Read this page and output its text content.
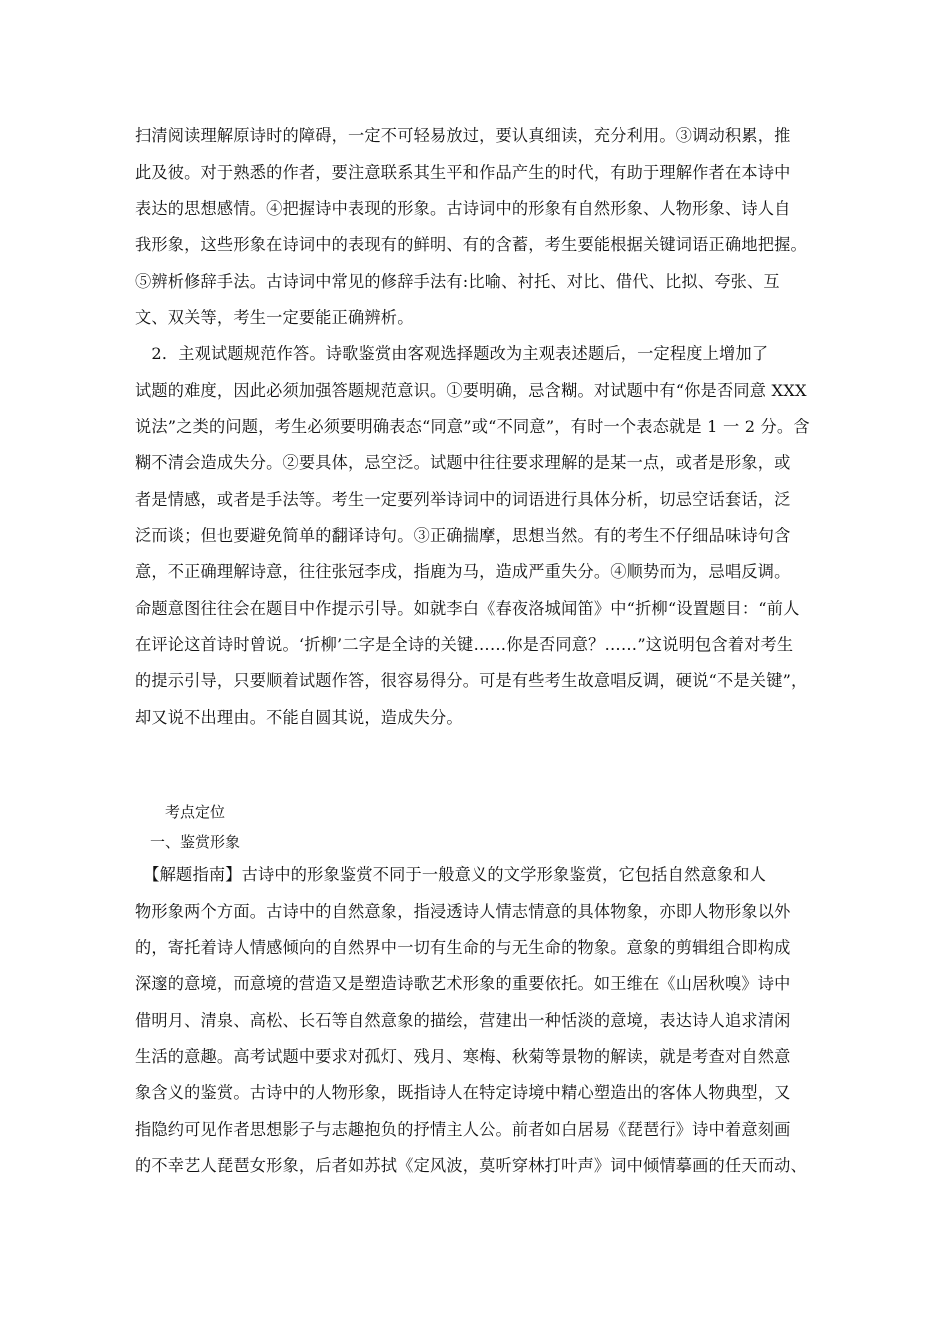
扫清阅读理解原诗时的障碍，一定不可轻易放过，要认真细读，充分利用。③调动积累，推
此及彼。对于熟悉的作者，要注意联系其生平和作品产生的时代，有助于理解作者在本诗中
表达的思想感情。④把握诗中表现的形象。古诗词中的形象有自然形象、人物形象、诗人自
我形象，这些形象在诗词中的表现有的鲜明、有的含蓄，考生要能根据关键词语正确地把握。
⑤辨析修辞手法。古诗词中常见的修辞手法有:比喻、衬托、对比、借代、比拟、夸张、互
文、双关等，考生一定要能正确辨析。
　2．主观试题规范作答。诗歌鉴赏由客观选择题改为主观表述题后，一定程度上增加了
试题的难度，因此必须加强答题规范意识。①要明确，忌含糊。对试题中有“你是否同意 XXX
说法”之类的问题，考生必须要明确表态“同意”或“不同意”，有时一个表态就是 1 一 2 分。含
糊不清会造成失分。②要具体，忌空泛。试题中往往要求理解的是某一点，或者是形象，或
者是情感，或者是手法等。考生一定要列举诗词中的词语进行具体分析，切忌空话套话，泛
泛而谈；但也要避免简单的翻译诗句。③正确揣摩，思想当然。有的考生不仔细品味诗句含
意，不正确理解诗意，往往张冠李戌，指鹿为马，造成严重失分。④顺势而为，忌唱反调。
命题意图往往会在题目中作提示引导。如就李白《春夜洛城闻笛》中“折柳“设置题目：“前人
在评论这首诗时曾说。‘折柳’二字是全诗的关键……你是否同意？……”这说明包含着对考生
的提示引导，只要顺着试题作答，很容易得分。可是有些考生故意唱反调，硬说“不是关键”，
却又说不出理由。不能自圆其说，造成失分。
考点定位
一、鉴赏形象
　【解题指南】古诗中的形象鉴赏不同于一般意义的文学形象鉴赏，它包括自然意象和人
物形象两个方面。古诗中的自然意象，指浸透诗人情志情意的具体物象，亦即人物形象以外
的，寄托着诗人情感倾向的自然界中一切有生命的与无生命的物象。意象的剪辑组合即构成
深邃的意境，而意境的营造又是塑造诗歌艺术形象的重要依托。如王维在《山居秋嗅》诗中
借明月、清泉、高松、长石等自然意象的描绘，营建出一种恬淡的意境，表达诗人追求清闲
生活的意趣。高考试题中要求对孤灯、残月、寒梅、秋菊等景物的解读，就是考查对自然意
象含义的鉴赏。古诗中的人物形象，既指诗人在特定诗境中精心塑造出的客体人物典型，又
指隐约可见作者思想影子与志趣抱负的抒情主人公。前者如白居易《琵琶行》诗中着意刻画
的不幸艺人琵琶女形象，后者如苏拭《定风波，莫听穿林打叶声》词中倾情摹画的任天而动、
